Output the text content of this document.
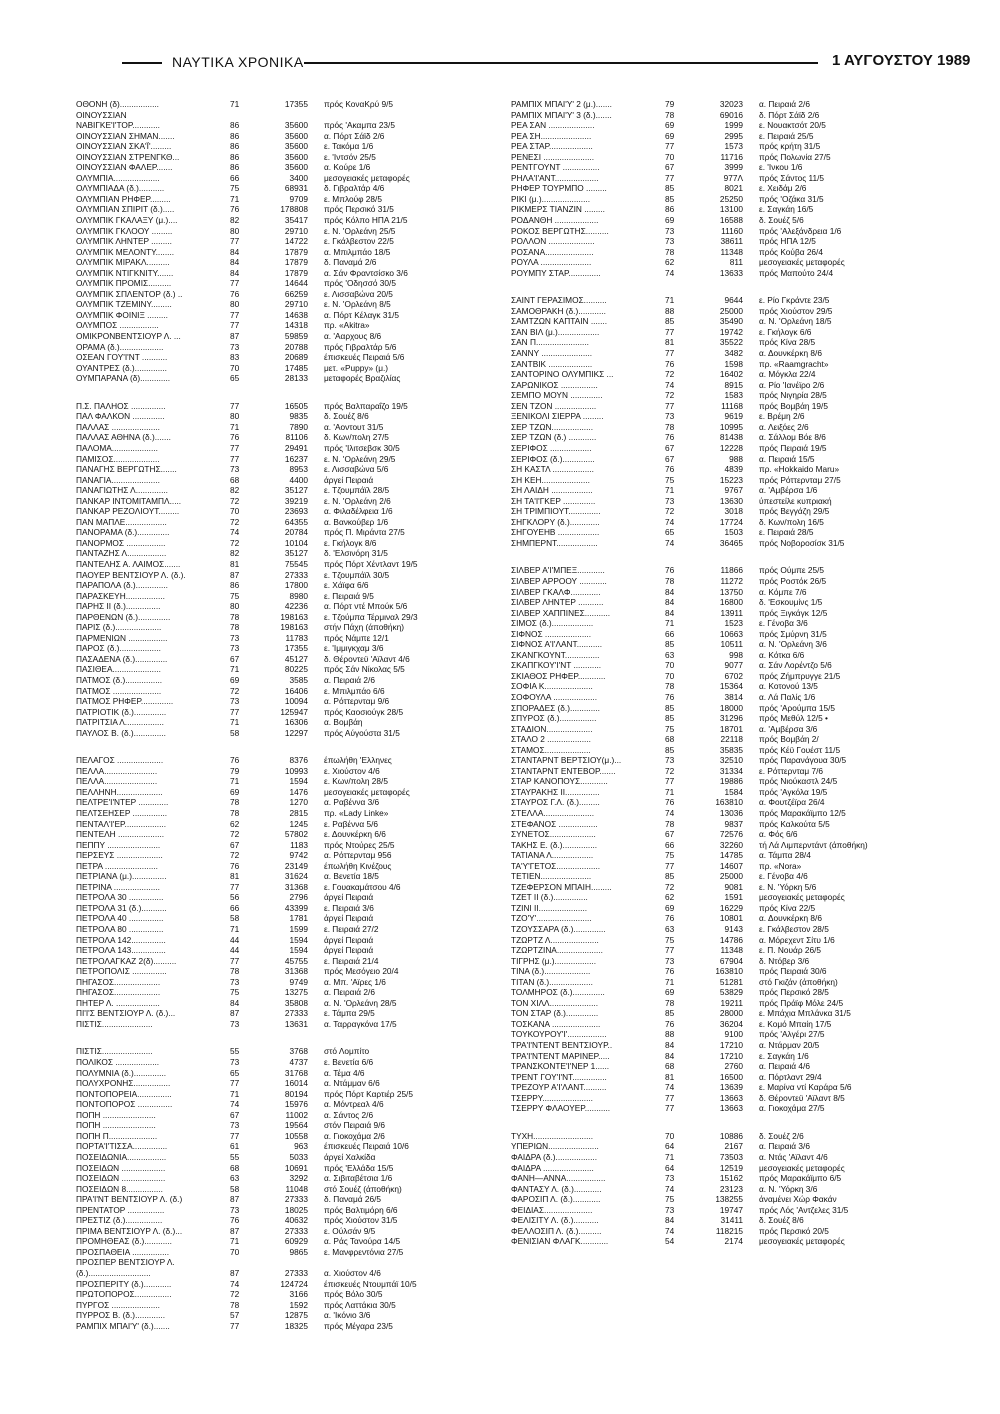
ΝΑΥΤΙΚΑ ΧΡΟΝΙΚΑ	1 ΑΥΓΟΥΣΤΟΥ 1989
ΟΘΟΝΗ (δ).................	71	17355	πρός ΚοναKρύ 9/5
ΟΙΝΟΥΣΣΙΑΝ
ΝΑΒΙΓΚΕ'Ι'ΤΟΡ............	86	35600	πρός 'Ακαμπα 23/5
ΟΙΝΟΥΣΣΙΑΝ ΣΗΜΑΝ.......	86	35600	α. Πόρτ Σάϊδ 2/6
ΟΙΝΟΥΣΣΙΑΝ ΣΚΑ'Ϊ'.........	86	35600	ε. Τακόμα 1/6
ΟΙΝΟΥΣΣΙΑΝ ΣΤΡΕΝΓΚΘ...	86	35600	ε. 'Ιντσόν 25/5
ΟΙΝΟΥΣΣΙΑΝ ΦΑΛΕΡ.......	86	35600	α. Κούρε 1/6
ΟΛΥΜΠΙΑ....................	66	3400	μεσογειακές μεταφορές
ΟΛΥΜΠΙΑΔΑ (δ.)...........	75	68931	δ. Γιβραλτάρ 4/6
ΟΛΥΜΠΙΑΝ ΡΗΦΕΡ.........	71	9709	ε. Μπλούφ 28/5
ΟΛΥΜΠΙΑΝ ΣΠΙΡΙΤ (δ.).....	76	178808	πρός Περσικό 31/5
ΟΛΥΜΠΙΚ ΓΚΑΛΑΞΥ (μ.)....	82	35417	πρός Κόλπο ΗΠΑ 21/5
ΟΛΥΜΠΙΚ ΓΚΛΟΟΥ .........	80	29710	ε. Ν. 'Ορλεάνη 25/5
ΟΛΥΜΠΙΚ ΛΗΝΤΕΡ .........	77	14722	ε. Γκάλβεστον 22/5
ΟΛΥΜΠΙΚ ΜΕΛΟΝΤΥ........	84	17879	α. Μπιλμπάο 18/5
ΟΛΥΜΠΙΚ ΜΙΡΑΚΛ..........	84	17879	δ. Παναμά 2/6
ΟΛΥΜΠΙΚ ΝΤΙΓΚΝΙΤΥ.......	84	17879	α. Σάν Φραντσίσκο 3/6
ΟΛΥΜΠΙΚ ΠΡΟΜΙΣ..........	77	14644	πρός 'Οδησσό 30/5
ΟΛΥΜΠΙΚ ΣΠΛΕΝΤΟΡ (δ.) ..	76	66259	ε. Λισσαβώνα 20/5
ΟΛΥΜΠΙΚ ΤΖΕΜΙΝΥ.........	80	29710	ε. Ν. 'Ορλεάνη 8/5
ΟΛΥΜΠΙΚ ΦΟΙΝΙΞ .........	77	14638	α. Πόρτ Κέλαγκ 31/5
ΟΛΥΜΠΟΣ .................	77	14318	πρ. «Akitra»
ΟΜΙΚΡΟΝΒΕΝΤΣΙΟΥΡ Λ. ...	87	59859	α. 'Ααρχους 8/6
ΟΡΑΜΑ (δ.)...................	73	20788	πρός Γιβραλτάρ 5/6
ΟΣΕΑΝ ΓΟΥ'Ι'ΝΤ ...........	83	20689	έπισκευές Πειραιά 5/6
ΟΥΑΝΤΡΕΣ (δ.)..............	70	17485	μετ. «Puppy» (μ.)
ΟΥΜΠΑΡΑΝΑ (δ).............	65	28133	μεταφορές Βραζιλίας
Π.Σ. ΠΑΛΗΟΣ ...............	77	16505	πρός Βαλπαραΐζο 19/5
ΠΑΛ ΦΑΛΚΟΝ ..............	80	9835	δ. Σουέζ 8/6
ΠΑΛΛΑΣ .....................	71	7890	α. 'Αοντουτ 31/5
ΠΑΛΛΑΣ ΑΘΗΝΑ (δ.).......	76	81106	δ. Κων/πολη 27/5
ΠΑΛΟΜΑ....................	77	29491	πρός 'Ιλιτσεβσκ 30/5
ΠΑΜΙΣΟΣ....................	77	16237	ε. Ν. 'Ορλεάνη 29/5
ΠΑΝΑΓΗΣ ΒΕΡΓΩΤΗΣ.......	73	8953	ε. Λισσαβώνα 5/6
ΠΑΝΑΓΙΑ.....................	68	4400	άργεί Πειραιά
ΠΑΝΑΓΙΩΤΗΣ Λ..............	82	35127	ε. Τζουμπάϊλ 28/5
ΠΑΝΚΑΡ ΙΝΤΟΜΙΤΑΜΠΛ.....	72	39219	ε. Ν. 'Ορλεάνη 2/6
ΠΑΝΚΑΡ ΡΕΖΟΛΙΟΥΤ.........	70	23693	α. Φιλαδέλφεια 1/6
ΠΑΝ ΜΑΠΛΕ..................	72	64355	α. Βανκούβερ 1/6
ΠΑΝΟΡΑΜΑ (δ.)..............	74	20784	πρός Π. Μιράντα 27/5
ΠΑΝΟΡΜΟΣ .................	72	10104	ε. Γκήλογκ 8/6
ΠΑΝΤΑΖΗΣ Λ.................	82	35127	δ. 'Ελσινόρη 31/5
ΠΑΝΤΕΛΗΣ Α. ΛΑΙΜΟΣ.......	81	75545	πρός Πόρτ Χέντλαντ 19/5
ΠΑΟΥΕΡ ΒΕΝΤΣΙΟΥΡ Λ. (δ.).	87	27333	ε. Τζουμπάϊλ 30/5
ΠΑΡΑΠΟΛΑ (δ.)..............	86	17800	ε. Χάϊφα 6/6
ΠΑΡΑΣΚΕΥΗ.................	75	8980	ε. Πειραιά 9/5
ΠΑΡΗΣ II (δ.)...............	80	42236	α. Πόρτ ντέ Μπούκ 5/6
ΠΑΡΘΕΝΩΝ (δ.)..............	78	198163	ε. Τζούμπα Τέρμιναλ 29/3
ΠΑΡΙΣ (δ.)....................	78	198163	στήν Πάχη (άποθήκη)
ΠΑΡΜΕΝΙΩΝ .................	73	11783	πρός Νάμπε 12/1
ΠΑΡΟΣ (δ.)..................	73	17355	ε. 'Ιμμιγκχαμ 3/6
ΠΑΣΑΔΕΝΑ (δ.)..............	67	45127	δ. Θέροντεϋ 'Αϊλαντ 4/6
ΠΑΣΙΘΕΑ.....................	71	80225	πρός Σάν Νίκολας 5/5
ΠΑΤΜΟΣ (δ.)................	69	3585	α. Πειραιά 2/6
ΠΑΤΜΟΣ .....................	72	16406	ε. Μπιλμπάο 6/6
ΠΑΤΜΟΣ ΡΗΦΕΡ..............	73	10094	α. Ρόττερνταμ 9/6
ΠΑΤΡΙΟΤΙΚ (δ.)..............	77	125947	πρός Καοσιούγκ 28/5
ΠΑΤΡΙΤΣΙΑ Λ.................	71	16306	α. Βομβάη
ΠΑΥΛΟΣ Β. (δ.)..............	58	12297	πρός Αύγούστα 31/5
ΠΕΛΑΓΟΣ ....................	76	8376	έπωλήθη 'Ελληνες
ΠΕΛΛΑ.......................	79	10993	ε. Χιούστον 4/6
ΠΕΛΛΑ.......................	71	1594	ε. Κων/πολη 28/5
ΠΕΛΛΗΝΗ....................	69	1476	μεσογειακές μεταφορές
ΠΕΛΤΡΕ'Ι'ΝΤΕΡ .............	78	1270	α. Ραβέννα 3/6
ΠΕΛΤΣΕΗΣΕΡ ...............	78	2815	πρ. «Lady Linke»
ΠΕΝΤΑΛ'Ι'ΕΡ..................	62	1245	ε. Ραβέννα 5/6
ΠΕΝΤΕΛΗ ....................	72	57802	ε. Δουνκέρκη 6/6
ΠΕΠΠΥ .......................	67	1183	πρός Ντούρες 25/5
ΠΕΡΣΕΥΣ ....................	72	9742	α. Ρόττερνταμ 956
ΠΕΤΡΑ .......................	76	23149	έπωλήθη Κινέζους
ΠΕΤΡΙΑΝΑ (μ.)...............	81	31624	α. Βενετία 18/5
ΠΕΤΡΙΝΑ ....................	77	31368	ε. Γουακαμάτσου 4/6
ΠΕΤΡΟΛΑ 30 ...............	56	2796	άργεί Πειραιά
ΠΕΤΡΟΛΑ 31 (δ.)...........	66	43399	ε. Πειραιά 3/6
ΠΕΤΡΟΛΑ 40 ...............	58	1781	άργεί Πειραιά
ΠΕΤΡΟΛΑ 80 ...............	71	1599	ε. Πειραιά 27/2
ΠΕΤΡΟΛΑ 142...............	44	1594	άργεί Πειραιά
ΠΕΤΡΟΛΑ 143...............	44	1594	άργεί Πειραιά
ΠΕΤΡΟΛΑΓΚΑΖ 2(δ)..........	77	45755	ε. Πειραιά 21/4
ΠΕΤΡΟΠΟΛΙΣ ...............	78	31368	πρός Μεσόγειο 20/4
ΠΗΓΑΣΟΣ....................	73	9749	α. Μπ. 'Αϊρες 1/6
ΠΗΓΑΣΟΣ....................	75	13275	α. Πειραιά 2/6
ΠΗΤΕΡ Λ. ...................	84	35808	α. Ν. 'Ορλεάνη 28/5
ΠΙ'Ι'Σ ΒΕΝΤΣΙΟΥΡ Λ. (δ.)...	87	27333	ε. Τάμπα 29/5
ΠΙΣΤΙΣ......................	73	13631	α. Ταρραγκόνα 17/5
ΠΙΣΤΙΣ......................	55	3768	στό Λομπίτο
ΠΟΛΙΚΟΣ ...................	73	4737	ε. Βενετία 6/6
ΠΟΛΥΜΝΙΑ (δ.)..............	65	31768	α. Τέμα 4/6
ΠΟΛΥΧΡΟΝΗΣ................	77	16014	α. Ντάμμαν 6/6
ΠΟΝΤΟΠΟΡΕΙΑ...............	71	80194	πρός Πόρτ Καρτιέρ 25/5
ΠΟΝΤΟΠΟΡΟΣ ...............	74	15976	α. Μόντρεαλ 4/6
ΠΟΠΗ .......................	67	11002	α. Σάντος 2/6
ΠΟΠΗ .......................	73	19564	στόν Πειραιά 9/6
ΠΟΠΗ Π.....................	77	10558	α. Γιοκοχάμα 2/6
ΠΟΡΤΑ'Ι'ΤΙΣΣΑ...............	61	963	έπισκευές Πειραιά 10/6
ΠΟΣΕΙΔΩΝΙΑ.................	55	5033	άργεί Χαλκίδα
ΠΟΣΕΙΔΩΝ ...................	68	10691	πρός 'Ελλάδα 15/5
ΠΟΣΕΙΔΩΝ ...................	63	3292	α. Σιβιταβέτσια 1/6
ΠΟΣΕΙΔΩΝ 8................	58	11048	στό Σουέζ (άποθήκη)
ΠΡΑ'Ι'ΝΤ ΒΕΝΤΣΙΟΥΡ Λ. (δ.)	87	27333	δ. Παναμά 26/5
ΠΡΕΝΤΑΤΟΡ ................	73	18025	πρός Βαλτιμόρη 6/6
ΠΡΕΣΤΙΖ (δ.)................	76	40632	πρός Χιούστον 31/5
ΠΡΙΜΑ ΒΕΝΤΣΙΟΥΡ Λ. (δ.)...	87	27333	ε. Ούλσάν 9/5
ΠΡΟΜΗΘΕΑΣ (δ.)............	71	60929	α. Ράς Τανούρα 14/5
ΠΡΟΣΠΑΘΕΙΑ ................	70	9865	ε. Μανφρεντόνια 27/5
ΠΡΟΣΠΕΡ ΒΕΝΤΣΙΟΥΡ Λ.
(δ.)...........................	87	27333	α. Χιούστον 4/6
ΠΡΟΣΠΕΡΙΤΥ (δ.)............	74	124724	έπισκευές Ντουμπάϊ 10/5
ΠΡΩΤΟΠΟΡΟΣ................	72	3166	πρός Βόλο 30/5
ΠΥΡΓΟΣ .....................	78	1592	πρός Λαττάκια 30/5
ΠΥΡΡΟΣ Β. (δ.).............	57	12875	α. 'Ικόνιο 3/6
ΡΑΜΠΙΧ ΜΠΑΙ'Υ' (δ.).......	77	18325	πρός Μέγαρα 23/5
ΡΑΜΠΙΧ ΜΠΑΙ'Υ' 2 (μ.).......	79	32023	α. Πειραιά 2/6
ΡΑΜΠΙΧ ΜΠΑΙ'Υ' 3 (δ.).......	78	69016	δ. Πόρτ Σάϊδ 2/6
ΡΕΑ ΣΑΝ ....................	69	1999	ε. Νουακτσότ 20/5
ΡΕΑ ΣΗ......................	69	2995	ε. Πειραιά 25/5
ΡΕΑ ΣΤΑΡ...................	77	1573	πρός κρήτη 31/5
ΡΕΝΕΣΙ ......................	70	11716	πρός Πολωνία 27/5
ΡΕΝΤΓΟΥΝΤ ................	67	3999	ε. 'Ινκου 1/6
ΡΗΛΑ'Ι'ΑΝΤ...................	77	977Λ	πρός Σάντος 11/5
ΡΗΦΕΡ ΤΟΥΡΜΠΟ .........	85	8021	ε. Χειδάμ 2/6
ΡΙΚΙ (μ.).....................	85	25250	πρός 'Οζάκα 31/5
ΡΙΚΜΕΡΣ ΤΙΑΝΖΙΝ .........	86	13100	ε. Σαγκάη 16/5
ΡΟΔΑΝΘΗ ...................	69	16588	δ. Σουέζ 5/6
ΡΟΚΟΣ ΒΕΡΓΩΤΗΣ..........	73	11160	πρός 'Αλεξάνδρεια 1/6
ΡΟΛΛΟΝ ....................	73	38611	πρός ΗΠΑ 12/5
ΡΟΣΑΝΑ.....................	78	11348	πρός Κούβα 26/4
ΡΟΥΛΑ ......................	62	811	μεσογειακές μεταφορές
ΡΟΥΜΠΥ ΣΤΑΡ..............	74	13633	πρός Μαπούτο 24/4
ΣΑΙΝΤ ΓΕΡΑΣΙΜΟΣ..........	71	9644	ε. Ρίο Γκράντε 23/5
ΣΑΜΟΘΡΑΚΗ (δ.)............	88	25000	πρός Χιούστον 29/5
ΣΑΜΤΖΩΝ ΚΑΠΤΑΙΝ .......	85	35490	α. Ν. 'Ορλεάνη 18/5
ΣΑΝ ΒΙΛ (μ.)..................	77	19742	ε. Γκήλογκ 6/6
ΣΑΝ Π.......................	81	35522	πρός Κίνα 28/5
ΣΑΝΝΥ ......................	77	3482	α. Δουνκέρκη 8/6
ΣΑΝΤΒΙΚ ...................	76	1598	πρ. «Raamgracht»
ΣΑΝΤΟΡΙΝΟ ΟΛΥΜΠΙΚΣ ...	72	16402	α. Μόγκλα 22/4
ΣΑΡΩΝΙΚΟΣ ................	74	8915	α. Ρίο 'Ιανέϊρο 2/6
ΣΕΜΠΟ ΜΟΥΝ ..............	72	1583	πρός Νιγηρία 28/5
ΣΕΝ ΤΖΟΝ ..................	77	11168	πρός Βομβάη 19/5
ΞΕΝΙΚΟΛΙ ΣΙΕΡΡΑ .........	73	9619	ε. Βρέμη 2/6
ΣΕΡ ΤΖΩΝ..................	78	10995	α. Λειξόες 2/6
ΣΕΡ ΤΖΩΝ (δ.) ............	76	81438	α. Σάλλομ Βόε 8/6
ΣΕΡΙΦΟΣ ..................	67	12228	πρός Πειραιά 19/5
ΣΕΡΙΦΟΣ (δ.)..............	67	988	α. Πειραιά 15/5
ΣΗ ΚΑΣΤΛ ..................	76	4839	πρ. «Hokkaido Maru»
ΣΗ ΚΕΗ.....................	75	15223	πρός Ρόττερνταμ 27/5
ΣΗ ΛΑΙΔΗ ..................	71	9767	α. 'Αμβέρσα 1/6
ΣΗ ΤΑ'Ι'ΓΚΕΡ ..............	73	13630	ύπεστείλε κυπριακή
ΣΗ ΤΡΙΜΠΙΟΥΤ..............	72	3018	πρός Βεγγάζη 29/5
ΣΗΓΚΛΟΡΥ (δ.).............	74	17724	δ. Κων/πολη 16/5
ΣΗΓΟΥΕΗΒ ..................	65	1503	ε. Πειραιά 28/5
ΣΗΜΠΕΡΝΤ..................	74	36465	πρός Νοβοροσίσκ 31/5
ΣΙΛΒΕΡ Α'Ι'ΜΠΕΞ............	76	11866	πρός Ούμπε 25/5
ΣΙΛΒΕΡ ΑΡΡΟΟΥ ............	78	11272	πρός Ροστόκ 26/5
ΣΙΛΒΕΡ ΓΚΑΛΦ.............	84	13750	α. Κόμπε 7/6
ΣΙΛΒΕΡ ΛΗΝΤΕΡ ...........	84	16800	δ. 'Εσκουμίνς 1/5
ΣΙΛΒΕΡ ΧΑΠΠΙΝΕΣ...........	84	13911	πρός Ξιγκάγκ 12/5
ΣΙΜΟΣ (δ.)..................	71	1523	ε. Γένοβα 3/6
ΣΙΦΝΟΣ ....................	66	10663	πρός Σμύρνη 31/5
ΣΙΦΝΟΣ Α'Ι'ΛΑΝΤ...........	85	10511	α. Ν. 'Ορλεάνη 3/6
ΣΚΑΝΓΚΟΥΝΤ...............	63	998	α. Κότκα 6/6
ΣΚΑΠΓΚΟΥ'Ι'ΝΤ ............	70	9077	α. Σάν Λορέντζο 5/6
ΣΚΙΑΘΟΣ ΡΗΦΕΡ............	70	6702	πρός Ζήμπρυγγε 21/5
ΣΟΦΙΑ Κ.....................	78	15364	α. Κοτονού 13/5
ΣΟΦΟΥΛΑ ...................	76	3814	α. Λά Παλίς 1/6
ΣΠΟΡΑΔΕΣ (δ.).............	85	18000	πρός 'Αρούμπα 15/5
ΣΠΥΡΟΣ (δ.)................	85	31296	πρός Μεθύλ 12/5 •
ΣΤΑΔΙΟΝ....................	75	18701	α. 'Αμβέρσα 3/6
ΣΤΑΛΟ 2 ...................	68	22118	πρός Βομβάη 2/
ΣΤΑΜΟΣ....................	85	35835	πρός Κέϋ Γουέστ 11/5
ΣΤΑΝΤΑΡΝΤ ΒΕΡΤΣΙΟΥ(μ.)...	73	32510	πρός Παρανάγουα 30/5
ΣΤΑΝΤΑΡΝΤ ΕΝΤΕΒΟΡ.......	72	31334	ε. Ρόττερνταμ 7/6
ΣΤΑΡ ΚΑΝΟΠΟΥΣ............	77	19886	πρός Νιούκαστλ 24/5
ΣΤΑΥΡΑΚΗΣ ΙΙ...............	71	1584	πρός 'Αγκόλα 19/5
ΣΤΑΥΡΟΣ Γ.Λ. (δ.).........	76	163810	α. Φουτζέϊρα 26/4
ΣΤΕΛΛΑ......................	74	13036	πρός Μαρακάϊμπο 12/5
ΣΤΕΦΑΝΟΣ .................	78	9837	πρός Καλκούτα 5/5
ΣΥΝΕΤΟΣ....................	67	72576	α. Φός 6/6
ΤΑΚΗΣ Ε. (δ.)...............	66	32260	τή Λά Λιμπερντάντ (άποθήκη)
ΤΑΤΙΑΝΑ Λ..................	75	14785	α. Τάμπα 28/4
ΤΑ'Υ'ΓΕΤΟΣ...................	77	14607	πρ. «Nora»
ΤΕΤΙΕΝ......................	85	25000	ε. Γένοβα 4/6
ΤΖΕΦΕΡΣΟΝ ΜΠΑΙΗ.........	72	9081	ε. Ν. 'Υόρκη 5/6
ΤΖΕΤ ΙΙ (δ.)...............	62	1591	μεσογειακές μεταφορές
ΤΖΙΝΙ ΙΙ.....................	69	16229	πρός Κίνα 22/5
ΤΖΟ'Υ'........................	76	10801	α. Δουνκέρκη 8/6
ΤΖΟΥΣΣΑΡΑ (δ.)..............	63	9143	ε. Γκάλβεστον 28/5
ΤΖΩΡΤΖ Λ.....................	75	14786	α. Μόρεχεντ Σίτυ 1/6
ΤΖΩΡΤΖΙΝΑ....................	77	11348	ε. Π. Νουάρ 26/5
ΤΙΓΡΗΣ (μ.)..................	73	67904	δ. Ντόβερ 3/6
ΤΙΝΑ (δ.)....................	76	163810	πρός Πειραιά 30/6
ΤΙΤΑΝ (δ.)...................	71	51281	στό Γκιζάν (άποθήκη)
ΤΟΛΜΗΡΟΣ (δ.)..............	69	53829	πρός Περσικό 28/5
ΤΟΝ ΧΙΛΛ.....................	78	19211	πρός Πράϊφ Μόλε 24/5
ΤΟΝ ΣΤΑΡ (δ.)..............	85	28000	ε. Μπάχια Μπλάνκα 31/5
ΤΟΣΚΑΝΑ .....................	76	36204	ε. Κομό Μπαίη 17/5
ΤΟΥΚΟΥΡΟΥ'Ι'.................	88	9100	πρός 'Αλγέρι 27/5
ΤΡΑ'Ι'ΝΤΕΝΤ ΒΕΝΤΣΙΟΥΡ..	84	17210	α. Ντάρμαν 20/5
ΤΡΑ'Ι'ΝΤΕΝΤ ΜΑΡΙΝΕΡ.....	84	17210	ε. Σαγκάη 1/6
ΤΡΑΝΣΚΟΝΤΕ'Ι'ΝΕΡ 1......	68	2760	α. Πειραιά 4/6
ΤΡΕΝΤ ΓΟΥ'Ι'ΝΤ...............	81	16500	α. Πόρτλαντ 29/4
ΤΡΕΖΟΥΡ Α'Ι'ΛΑΝΤ..........	74	13639	ε. Μαρίνα ντί Καράρα 5/6
ΤΣΕΡΡΥ......................	77	13663	δ. Θέροντεϋ 'Αϊλαντ 8/5
ΤΣΕΡΡΥ ΦΛΑΟΥΕΡ...........	77	13663	α. Γιοκοχάμα 27/5
ΤΥΧΗ..........................	70	10886	δ. Σουέζ 2/6
ΥΠΕΡΙΩΝ......................	64	2167	α. Πειραιά 3/6
ΦΑΙΔΡΑ (δ.)..................	71	73503	α. Ντάς 'Αϊλαντ 4/6
ΦΑΙΔΡΑ ......................	64	12519	μεσογειακές μεταφορές
ΦΑΝΗ—ΑΝΝΑ.................	73	15162	πρός Μαρακάϊμπο 6/5
ΦΑΝΤΑΣΥ Λ. (δ.)............	74	23123	α. Ν. 'Υόρκη 3/6
ΦΑΡΟΣΙΠ Λ. (δ.)............	75	138255	άναμένει Χώρ Φακάν
ΦΕΙΔΙΑΣ.....................	73	19747	πρός Λός 'Αντζελες 31/5
ΦΕΛΙΣΙΤΥ Λ. (δ.)...........	84	31411	δ. Σουέζ 8/6
ΦΕΛΛΟΣΙΠ Λ. (δ.)..........	74	118215	πρός Περσικό 20/5
ΦΕΝΙΣΙΑΝ ΦΛΑΓΚ............	54	2174	μεσογειακές μεταφορές
